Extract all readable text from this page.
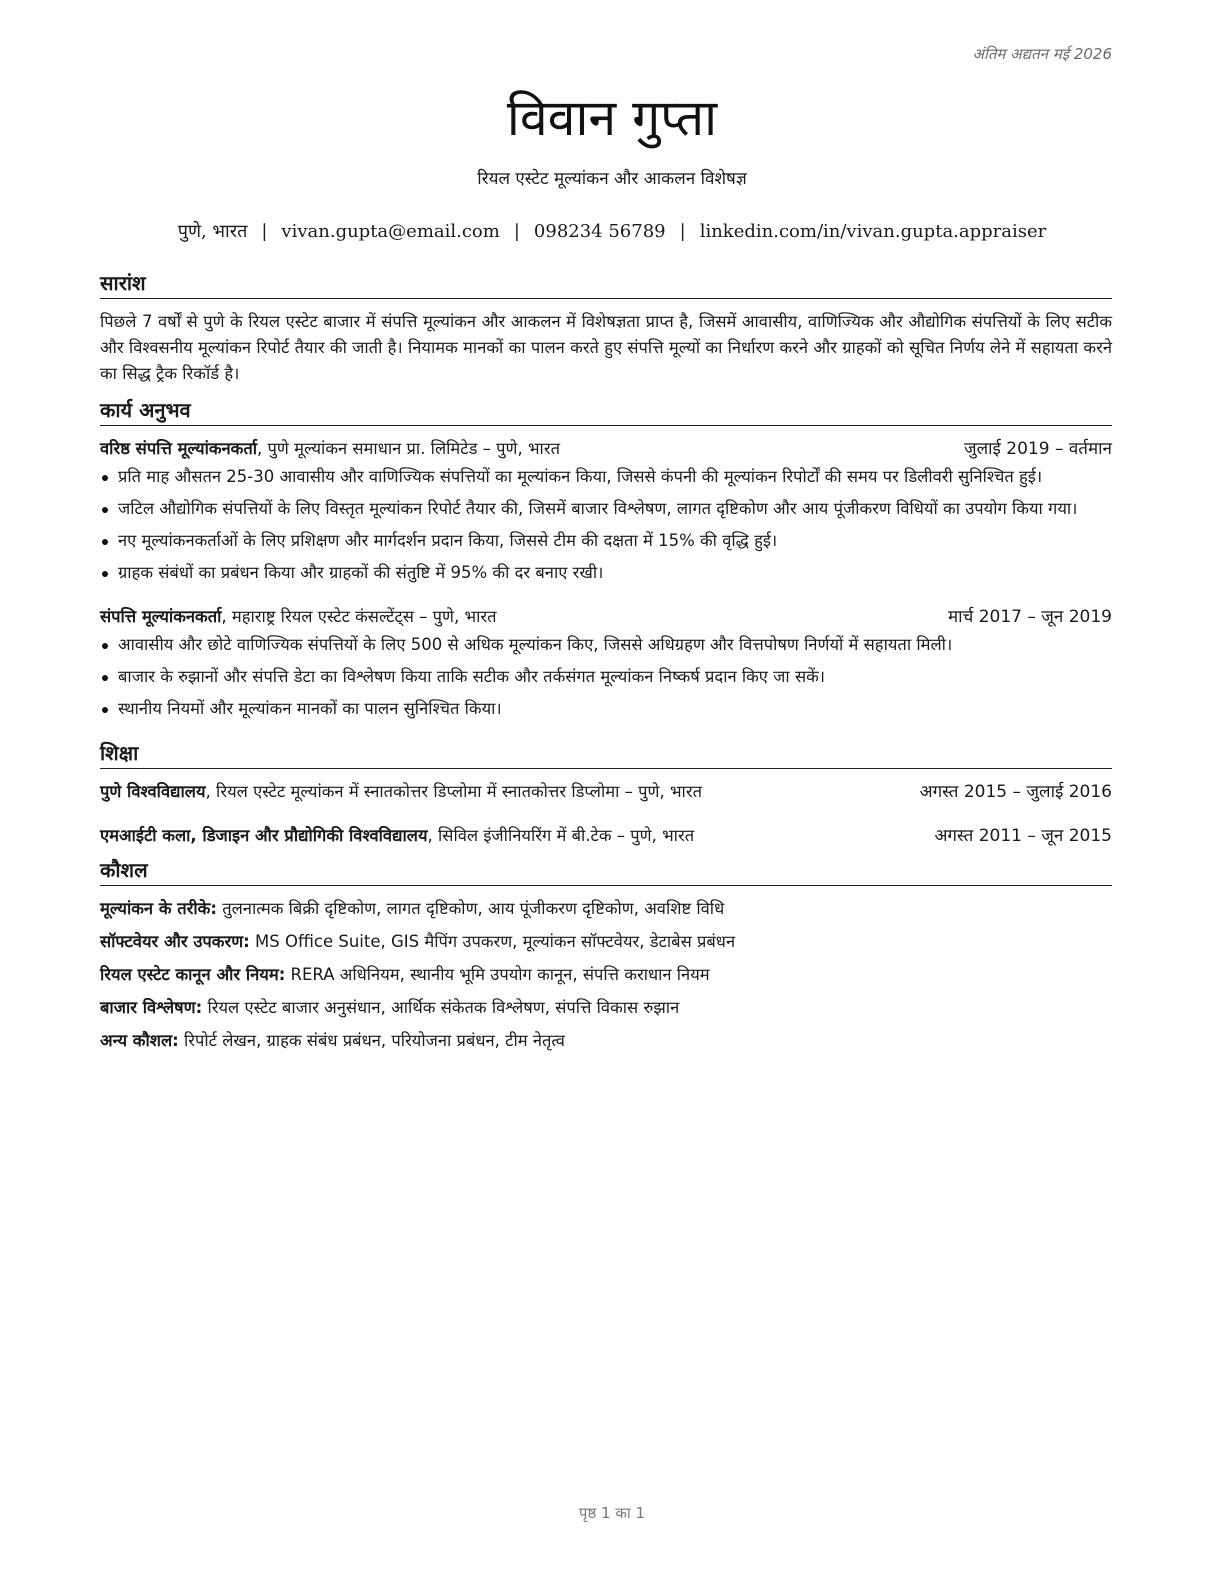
अंतिम अद्यतन मई 2026
विवान गुप्ता
रियल एस्टेट मूल्यांकन और आकलन विशेषज्ञ
पुणे, भारत | vivan.gupta@email.com | 098234 56789 | linkedin.com/in/vivan.gupta.appraiser
सारांश
पिछले 7 वर्षों से पुणे के रियल एस्टेट बाजार में संपत्ति मूल्यांकन और आकलन में विशेषज्ञता प्राप्त है, जिसमें आवासीय, वाणिज्यिक और औद्योगिक संपत्तियों के लिए सटीक और विश्वसनीय मूल्यांकन रिपोर्ट तैयार की जाती है। नियामक मानकों का पालन करते हुए संपत्ति मूल्यों का निर्धारण करने और ग्राहकों को सूचित निर्णय लेने में सहायता करने का सिद्ध ट्रैक रिकॉर्ड है।
कार्य अनुभव
वरिष्ठ संपत्ति मूल्यांकनकर्ता, पुणे मूल्यांकन समाधान प्रा. लिमिटेड – पुणे, भारत	जुलाई 2019 – वर्तमान
प्रति माह औसतन 25-30 आवासीय और वाणिज्यिक संपत्तियों का मूल्यांकन किया, जिससे कंपनी की मूल्यांकन रिपोर्टों की समय पर डिलीवरी सुनिश्चित हुई।
जटिल औद्योगिक संपत्तियों के लिए विस्तृत मूल्यांकन रिपोर्ट तैयार की, जिसमें बाजार विश्लेषण, लागत दृष्टिकोण और आय पूंजीकरण विधियों का उपयोग किया गया।
नए मूल्यांकनकर्ताओं के लिए प्रशिक्षण और मार्गदर्शन प्रदान किया, जिससे टीम की दक्षता में 15% की वृद्धि हुई।
ग्राहक संबंधों का प्रबंधन किया और ग्राहकों की संतुष्टि में 95% की दर बनाए रखी।
संपत्ति मूल्यांकनकर्ता, महाराष्ट्र रियल एस्टेट कंसल्टेंट्स – पुणे, भारत	मार्च 2017 – जून 2019
आवासीय और छोटे वाणिज्यिक संपत्तियों के लिए 500 से अधिक मूल्यांकन किए, जिससे अधिग्रहण और वित्तपोषण निर्णयों में सहायता मिली।
बाजार के रुझानों और संपत्ति डेटा का विश्लेषण किया ताकि सटीक और तर्कसंगत मूल्यांकन निष्कर्ष प्रदान किए जा सकें।
स्थानीय नियमों और मूल्यांकन मानकों का पालन सुनिश्चित किया।
शिक्षा
पुणे विश्वविद्यालय, रियल एस्टेट मूल्यांकन में स्नातकोत्तर डिप्लोमा में स्नातकोत्तर डिप्लोमा – पुणे, भारत	अगस्त 2015 – जुलाई 2016
एमआईटी कला, डिजाइन और प्रौद्योगिकी विश्वविद्यालय, सिविल इंजीनियरिंग में बी.टेक – पुणे, भारत	अगस्त 2011 – जून 2015
कौशल
मूल्यांकन के तरीके: तुलनात्मक बिक्री दृष्टिकोण, लागत दृष्टिकोण, आय पूंजीकरण दृष्टिकोण, अवशिष्ट विधि
सॉफ्टवेयर और उपकरण: MS Office Suite, GIS मैपिंग उपकरण, मूल्यांकन सॉफ्टवेयर, डेटाबेस प्रबंधन
रियल एस्टेट कानून और नियम: RERA अधिनियम, स्थानीय भूमि उपयोग कानून, संपत्ति कराधान नियम
बाजार विश्लेषण: रियल एस्टेट बाजार अनुसंधान, आर्थिक संकेतक विश्लेषण, संपत्ति विकास रुझान
अन्य कौशल: रिपोर्ट लेखन, ग्राहक संबंध प्रबंधन, परियोजना प्रबंधन, टीम नेतृत्व
पृष्ठ 1 का 1
